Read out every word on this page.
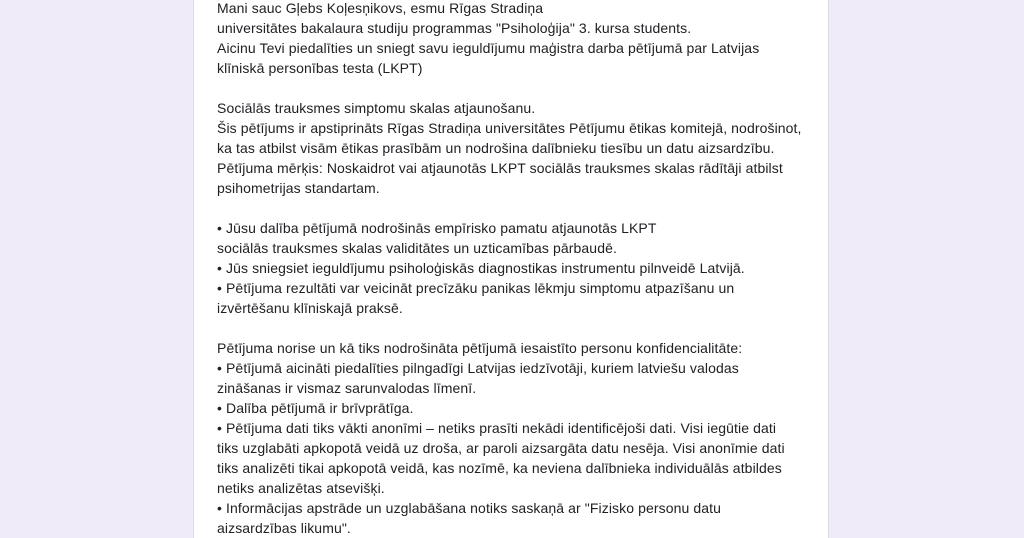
Mani sauc Gļebs Koļesņikovs, esmu Rīgas Stradiņa
universitātes bakalaura studiju programmas "Psiholoģija" 3. kursa students.
Aicinu Tevi piedalīties un sniegt savu ieguldījumu maģistra darba pētījumā par Latvijas
klīniskā personības testa (LKPT)
Sociālās trauksmes simptomu skalas atjaunošanu.
Šis pētījums ir apstiprināts Rīgas Stradiņa universitātes Pētījumu ētikas komitejā, nodrošinot,
ka tas atbilst visām ētikas prasībām un nodrošina dalībnieku tiesību un datu aizsardzību.
Pētījuma mērķis: Noskaidrot vai atjaunotās LKPT sociālās trauksmes skalas rādītāji atbilst
psihometrijas standartam.
• Jūsu dalība pētījumā nodrošinās empīrisko pamatu atjaunotās LKPT
sociālās trauksmes skalas validitātes un uzticamības pārbaudē.
• Jūs sniegsiet ieguldījumu psiholoģiskās diagnostikas instrumentu pilnveidē Latvijā.
• Pētījuma rezultāti var veicināt precīzāku panikas lēkmju simptomu atpazīšanu un
izvērtēšanu klīniskajā praksē.
Pētījuma norise un kā tiks nodrošināta pētījumā iesaistīto personu konfidencialitāte:
• Pētījumā aicināti piedalīties pilngadīgi Latvijas iedzīvotāji, kuriem latviešu valodas
zināšanas ir vismaz sarunvalodas līmenī.
• Dalība pētījumā ir brīvprātīga.
• Pētījuma dati tiks vākti anonīmi – netiks prasīti nekādi identificējoši dati. Visi iegūtie dati
tiks uzglabāti apkopotā veidā uz droša, ar paroli aizsargāta datu nesēja. Visi anonīmie dati
tiks analizēti tikai apkopotā veidā, kas nozīmē, ka neviena dalībnieka individuālās atbildes
netiks analizētas atsevišķi.
• Informācijas apstrāde un uzglabāšana notiks saskaņā ar "Fizisko personu datu
aizsardzības likumu".
